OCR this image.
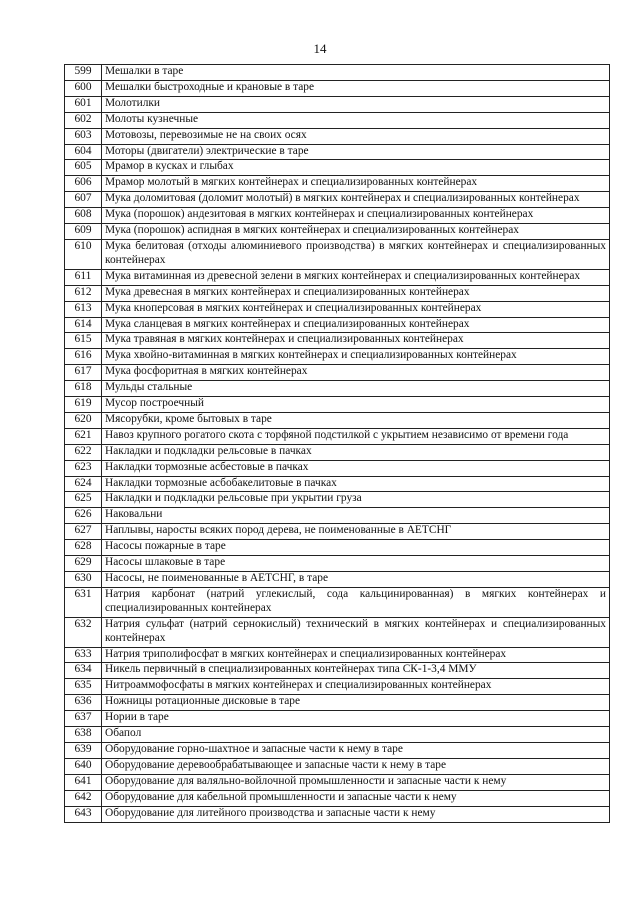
14
599	Мешалки в таре
600	Мешалки быстроходные и крановые в таре
601	Молотилки
602	Молоты кузнечные
603	Мотовозы, перевозимые не на своих осях
604	Моторы (двигатели) электрические в таре
605	Мрамор в кусках и глыбах
606	Мрамор молотый в мягких контейнерах и специализированных контейнерах
607	Мука доломитовая (доломит молотый) в мягких контейнерах и специализированных контейнерах
608	Мука (порошок) андезитовая в мягких контейнерах и специализированных контейнерах
609	Мука (порошок) аспидная в мягких контейнерах и специализированных контейнерах
610	Мука белитовая (отходы алюминиевого производства) в мягких контейнерах и специализированных контейнерах
611	Мука витаминная из древесной зелени в мягких контейнерах и специализированных контейнерах
612	Мука древесная в мягких контейнерах и специализированных контейнерах
613	Мука кноперсовая в мягких контейнерах и специализированных контейнерах
614	Мука сланцевая в мягких контейнерах и специализированных контейнерах
615	Мука травяная в мягких контейнерах и специализированных контейнерах
616	Мука хвойно-витаминная в мягких контейнерах и специализированных контейнерах
617	Мука фосфоритная в мягких контейнерах
618	Мульды стальные
619	Мусор построечный
620	Мясорубки, кроме бытовых в таре
621	Навоз крупного рогатого скота с торфяной подстилкой с укрытием независимо от времени года
622	Накладки и подкладки рельсовые в пачках
623	Накладки тормозные асбестовые в пачках
624	Накладки тормозные асбобакелитовые в пачках
625	Накладки и подкладки рельсовые при укрытии груза
626	Наковальни
627	Наплывы, наросты всяких пород дерева, не поименованные в АЕТСНГ
628	Насосы пожарные в таре
629	Насосы шлаковые в таре
630	Насосы, не поименованные в АЕТСНГ, в таре
631	Натрия карбонат (натрий углекислый, сода кальцинированная) в мягких контейнерах и специализированных контейнерах
632	Натрия сульфат (натрий сернокислый) технический в мягких контейнерах и специализированных контейнерах
633	Натрия триполифосфат в мягких контейнерах и специализированных контейнерах
634	Никель первичный в специализированных контейнерах типа СК-1-3,4 ММУ
635	Нитроаммофосфаты в мягких контейнерах и специализированных контейнерах
636	Ножницы ротационные дисковые в таре
637	Нории в таре
638	Обапол
639	Оборудование горно-шахтное и запасные части к нему в таре
640	Оборудование деревообрабатывающее и запасные части к нему в таре
641	Оборудование для валяльно-войлочной промышленности и запасные части к нему
642	Оборудование для кабельной промышленности и запасные части к нему
643	Оборудование для литейного производства и запасные части к нему
